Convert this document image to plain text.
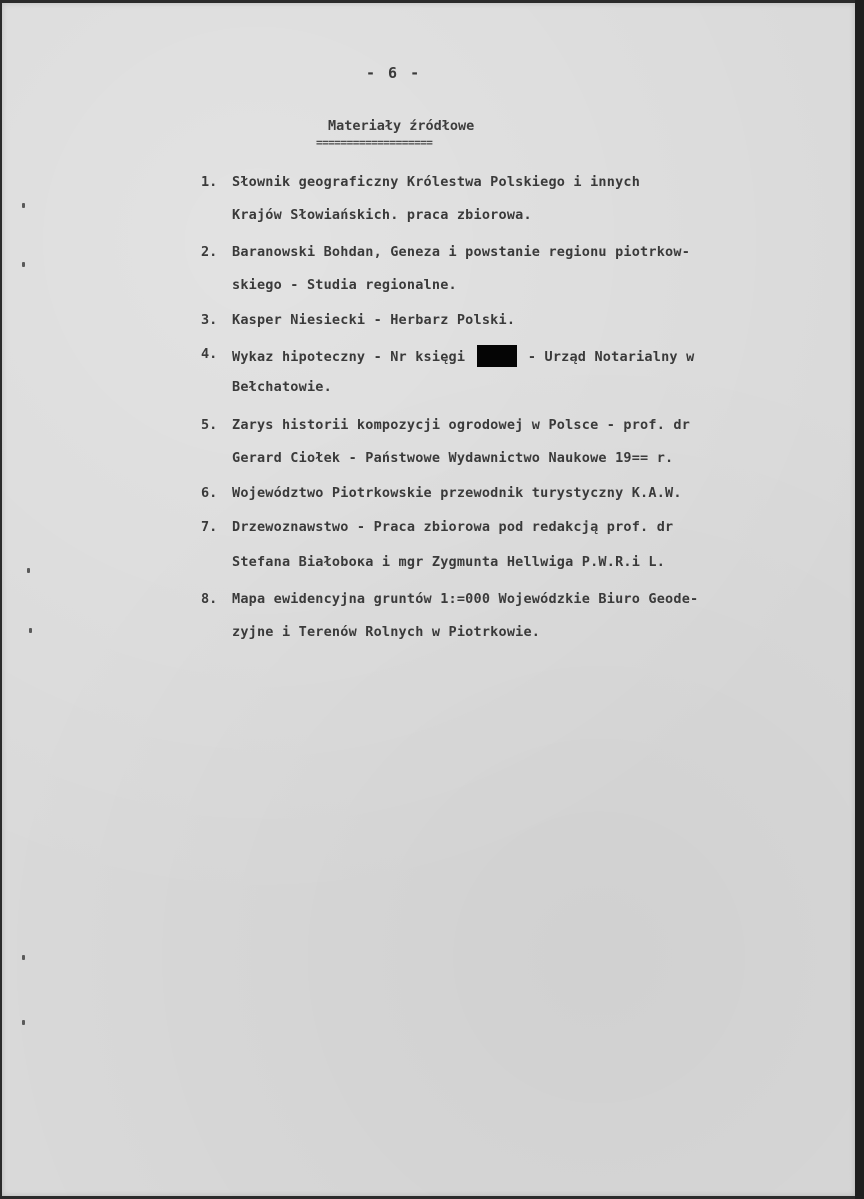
- 6 -
Materiały źródłowe
===================
1. Słownik geograficzny Królestwa Polskiego i innych
Krajów Słowiańskich. praca zbiorowa.
2. Baranowski Bohdan, Geneza i powstanie regionu piotrkow-
skiego - Studia regionalne.
3. Kasper Niesiecki - Herbarz Polski.
4. Wykaz hipoteczny - Nr księgi	- Urząd Notarialny w
Bełchatowie.
5. Zarys historii kompozycji ogrodowej w Polsce - prof. dr
Gerard Ciołek - Państwowe Wydawnictwo Naukowe 19== r.
6. Województwo Piotrkowskie przewodnik turystyczny K.A.W.
7. Drzewoznawstwo - Praca zbiorowa pod redakcją prof. dr
Stefana Białobока i mgr Zygmunta Hellwiga P.W.R.i L.
8. Mapa ewidencyjna gruntów 1:=000 Wojewódzkie Biuro Geode-
zyjne i Terenów Rolnych w Piotrkowie.
